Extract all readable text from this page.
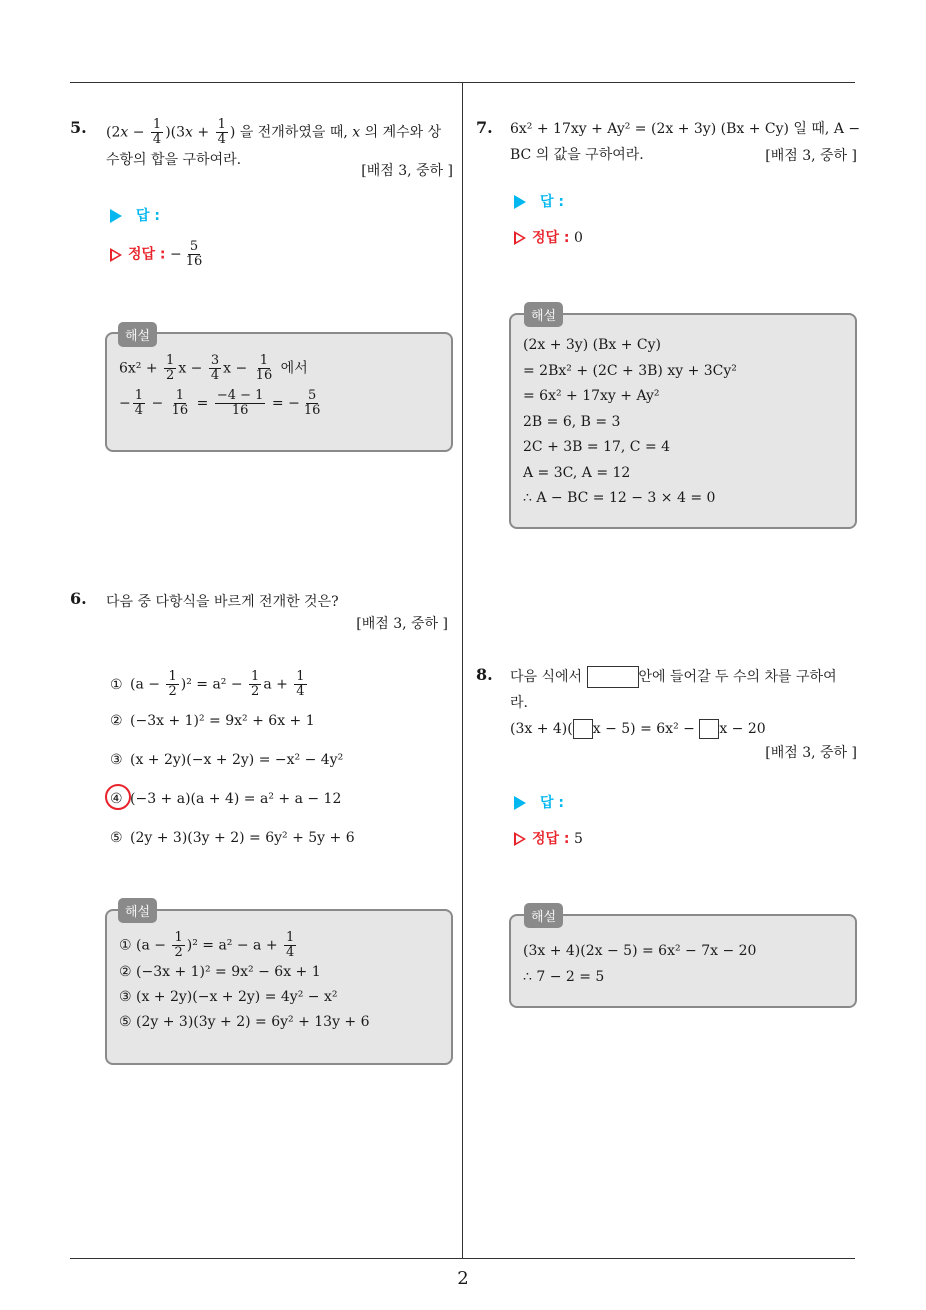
5. $(2x - \frac{1}{4} )(3x + \frac{1}{4}$ ) 을 전개하였을 때, x 의 계수와 상
수항의 합을 구하여라.
[배점 3, 중하 ]
답 :
정답 : − $\frac{5}{16}$
$6x^2 + \frac{1}{2}$ $x - \frac{3}{4}$ $x - \frac{1}{16}$ 에서
− $\frac{1}{4} - \frac{1}{16} = \frac{-4 - 1}{16}$ = − $\frac{5}{16}$
해설
6. 다음 중 다항식을 바르게 전개한 것은?
[배점 3, 중하 ]
① $(a - \frac{1}{2} )^2 = a^2 - \frac{1}{2}$ $a + \frac{1}{4}$
② (−3x + 1)² = 9x² + 6x + 1
③ (x + 2y)(−x + 2y) = −x² − 4y²
④ (−3 + a)(a + 4) = a² + a − 12
⑤ (2y + 3)(3y + 2) = 6y² + 5y + 6
① $(a - \frac{1}{2} )^2 = a^2 - a + \frac{1}{4}$
② (−3x + 1)² = 9x² − 6x + 1
③ (x + 2y)(−x + 2y) = 4y² − x²
⑤ (2y + 3)(3y + 2) = 6y² + 13y + 6
해설
7. 6x² + 17xy + Ay² = (2x + 3y) (Bx + Cy) 일 때, A −
BC 의 값을 구하여라.	[배점 3, 중하 ]
답 :
정답 : 0
(2x + 3y) (Bx + Cy)
= 2Bx² + (2C + 3B) xy + 3Cy²
= 6x² + 17xy + Ay²
2B = 6, B = 3
2C + 3B = 17, C = 4
A = 3C, A = 12
∴ A − BC = 12 − 3 × 4 = 0
해설
8. 다음 식에서	안에 들어갈 두 수의 차를 구하여
라.
(3x + 4)( x − 5) = 6x² − x − 20
[배점 3, 중하 ]
답 :
정답 : 5
(3x + 4)(2x − 5) = 6x² − 7x − 20
∴ 7 − 2 = 5
해설
2
